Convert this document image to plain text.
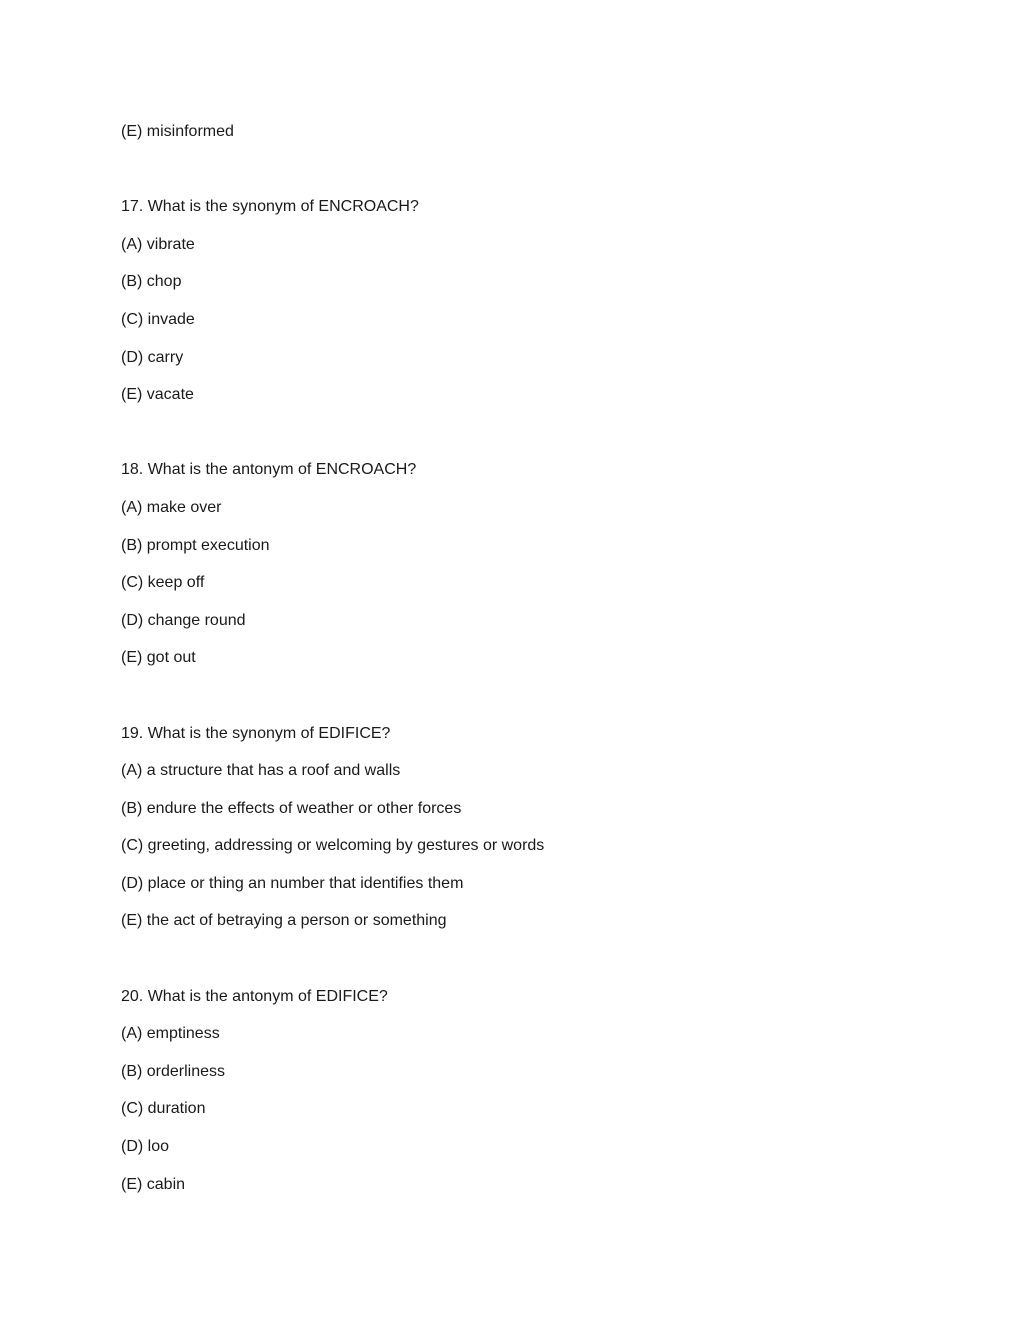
(E) misinformed
17. What is the synonym of ENCROACH?
(A) vibrate
(B) chop
(C) invade
(D) carry
(E) vacate
18. What is the antonym of ENCROACH?
(A) make over
(B) prompt execution
(C) keep off
(D) change round
(E) got out
19. What is the synonym of EDIFICE?
(A) a structure that has a roof and walls
(B) endure the effects of weather or other forces
(C) greeting, addressing or welcoming by gestures or words
(D) place or thing an number that identifies them
(E) the act of betraying a person or something
20. What is the antonym of EDIFICE?
(A) emptiness
(B) orderliness
(C) duration
(D) loo
(E) cabin
